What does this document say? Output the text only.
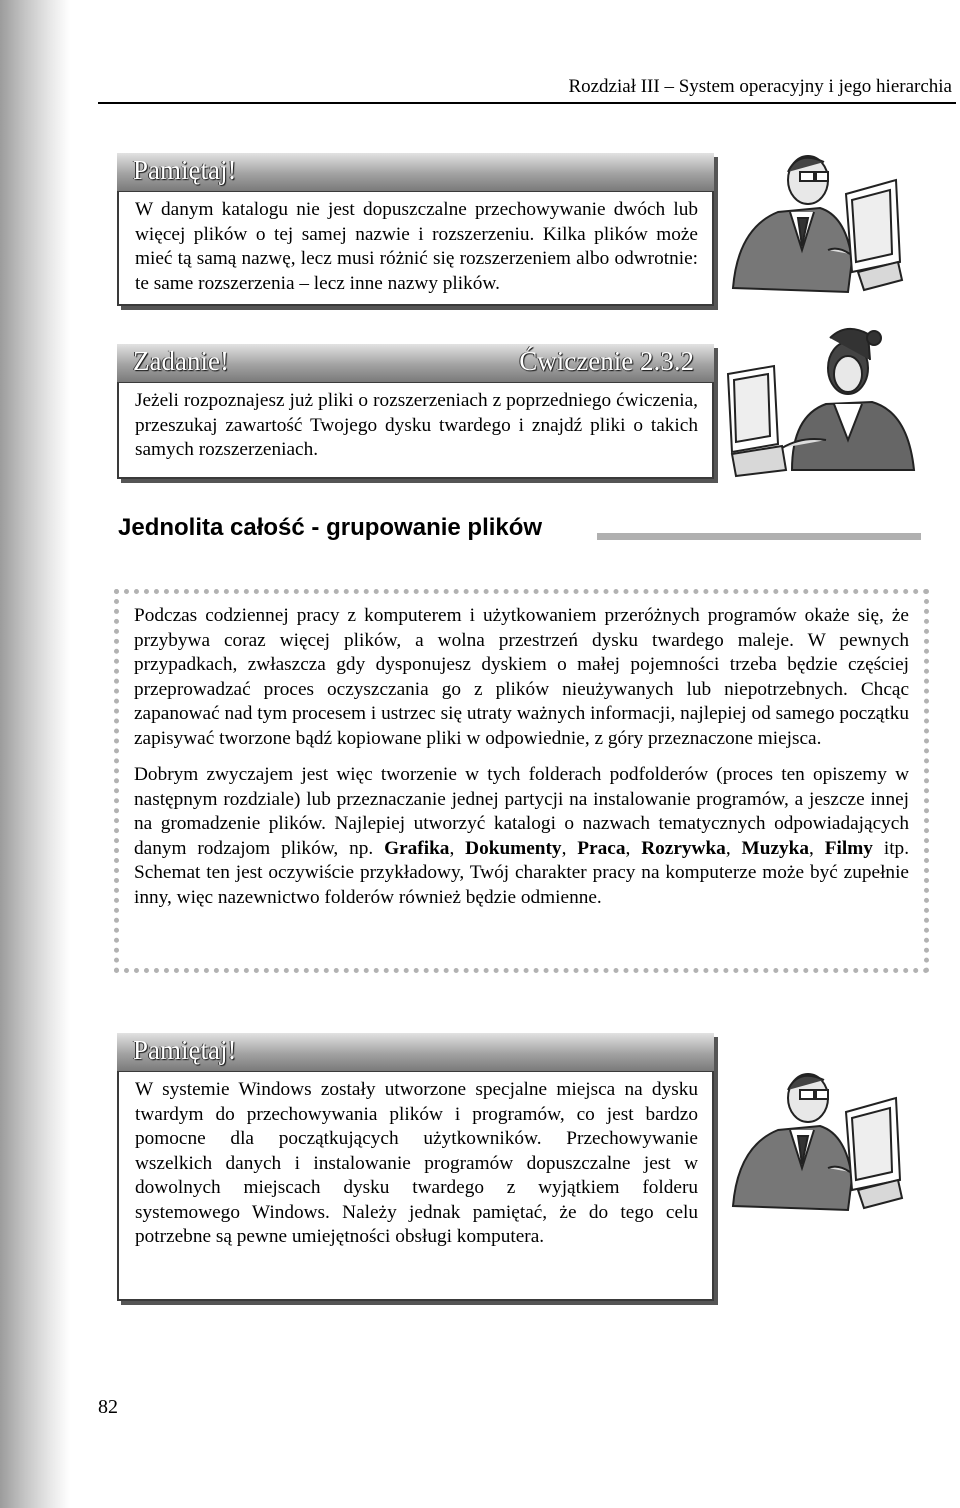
Rozdział III – System operacyjny i jego hierarchia
Pamiętaj!
W danym katalogu nie jest dopuszczalne przechowywanie dwóch lub więcej plików o tej samej nazwie i rozszerzeniu. Kilka plików może mieć tą samą nazwę, lecz musi różnić się rozszerzeniem albo odwrotnie: te same rozszerzenia – lecz inne nazwy plików.
Zadanie!	Ćwiczenie 2.3.2
Jeżeli rozpoznajesz już pliki o rozszerzeniach z poprzedniego ćwiczenia, przeszukaj zawartość Twojego dysku twardego i znajdź pliki o takich samych rozszerzeniach.
Jednolita całość - grupowanie plików

Podczas codziennej pracy z komputerem i użytkowaniem przeróżnych programów okaże się, że przybywa coraz więcej plików, a wolna przestrzeń dysku twardego maleje. W pewnych przypadkach, zwłaszcza gdy dysponujesz dyskiem o małej pojemności trzeba będzie częściej przeprowadzać proces oczyszczania go z plików nieużywanych lub niepotrzebnych. Chcąc zapanować nad tym procesem i ustrzec się utraty ważnych informacji, najlepiej od samego początku zapisywać tworzone bądź kopiowane pliki w odpowiednie, z góry przeznaczone miejsca.

Dobrym zwyczajem jest więc tworzenie w tych folderach podfolderów (proces ten opiszemy w następnym rozdziale) lub przeznaczanie jednej partycji na instalowanie programów, a jeszcze innej na gromadzenie plików. Najlepiej utworzyć katalogi o nazwach tematycznych odpowiadających danym rodzajom plików, np. Grafika, Dokumenty, Praca, Rozrywka, Muzyka, Filmy itp. Schemat ten jest oczywiście przykładowy, Twój charakter pracy na komputerze może być zupełnie inny, więc nazewnictwo folderów również będzie odmienne.

Pamiętaj!
W systemie Windows zostały utworzone specjalne miejsca na dysku twardym do przechowywania plików i programów, co jest bardzo pomocne dla początkujących użytkowników. Przechowywanie wszelkich danych i instalowanie programów dopuszczalne jest w dowolnych miejscach dysku twardego z wyjątkiem folderu systemowego Windows. Należy jednak pamiętać, że do tego celu potrzebne są pewne umiejętności obsługi komputera.
82
